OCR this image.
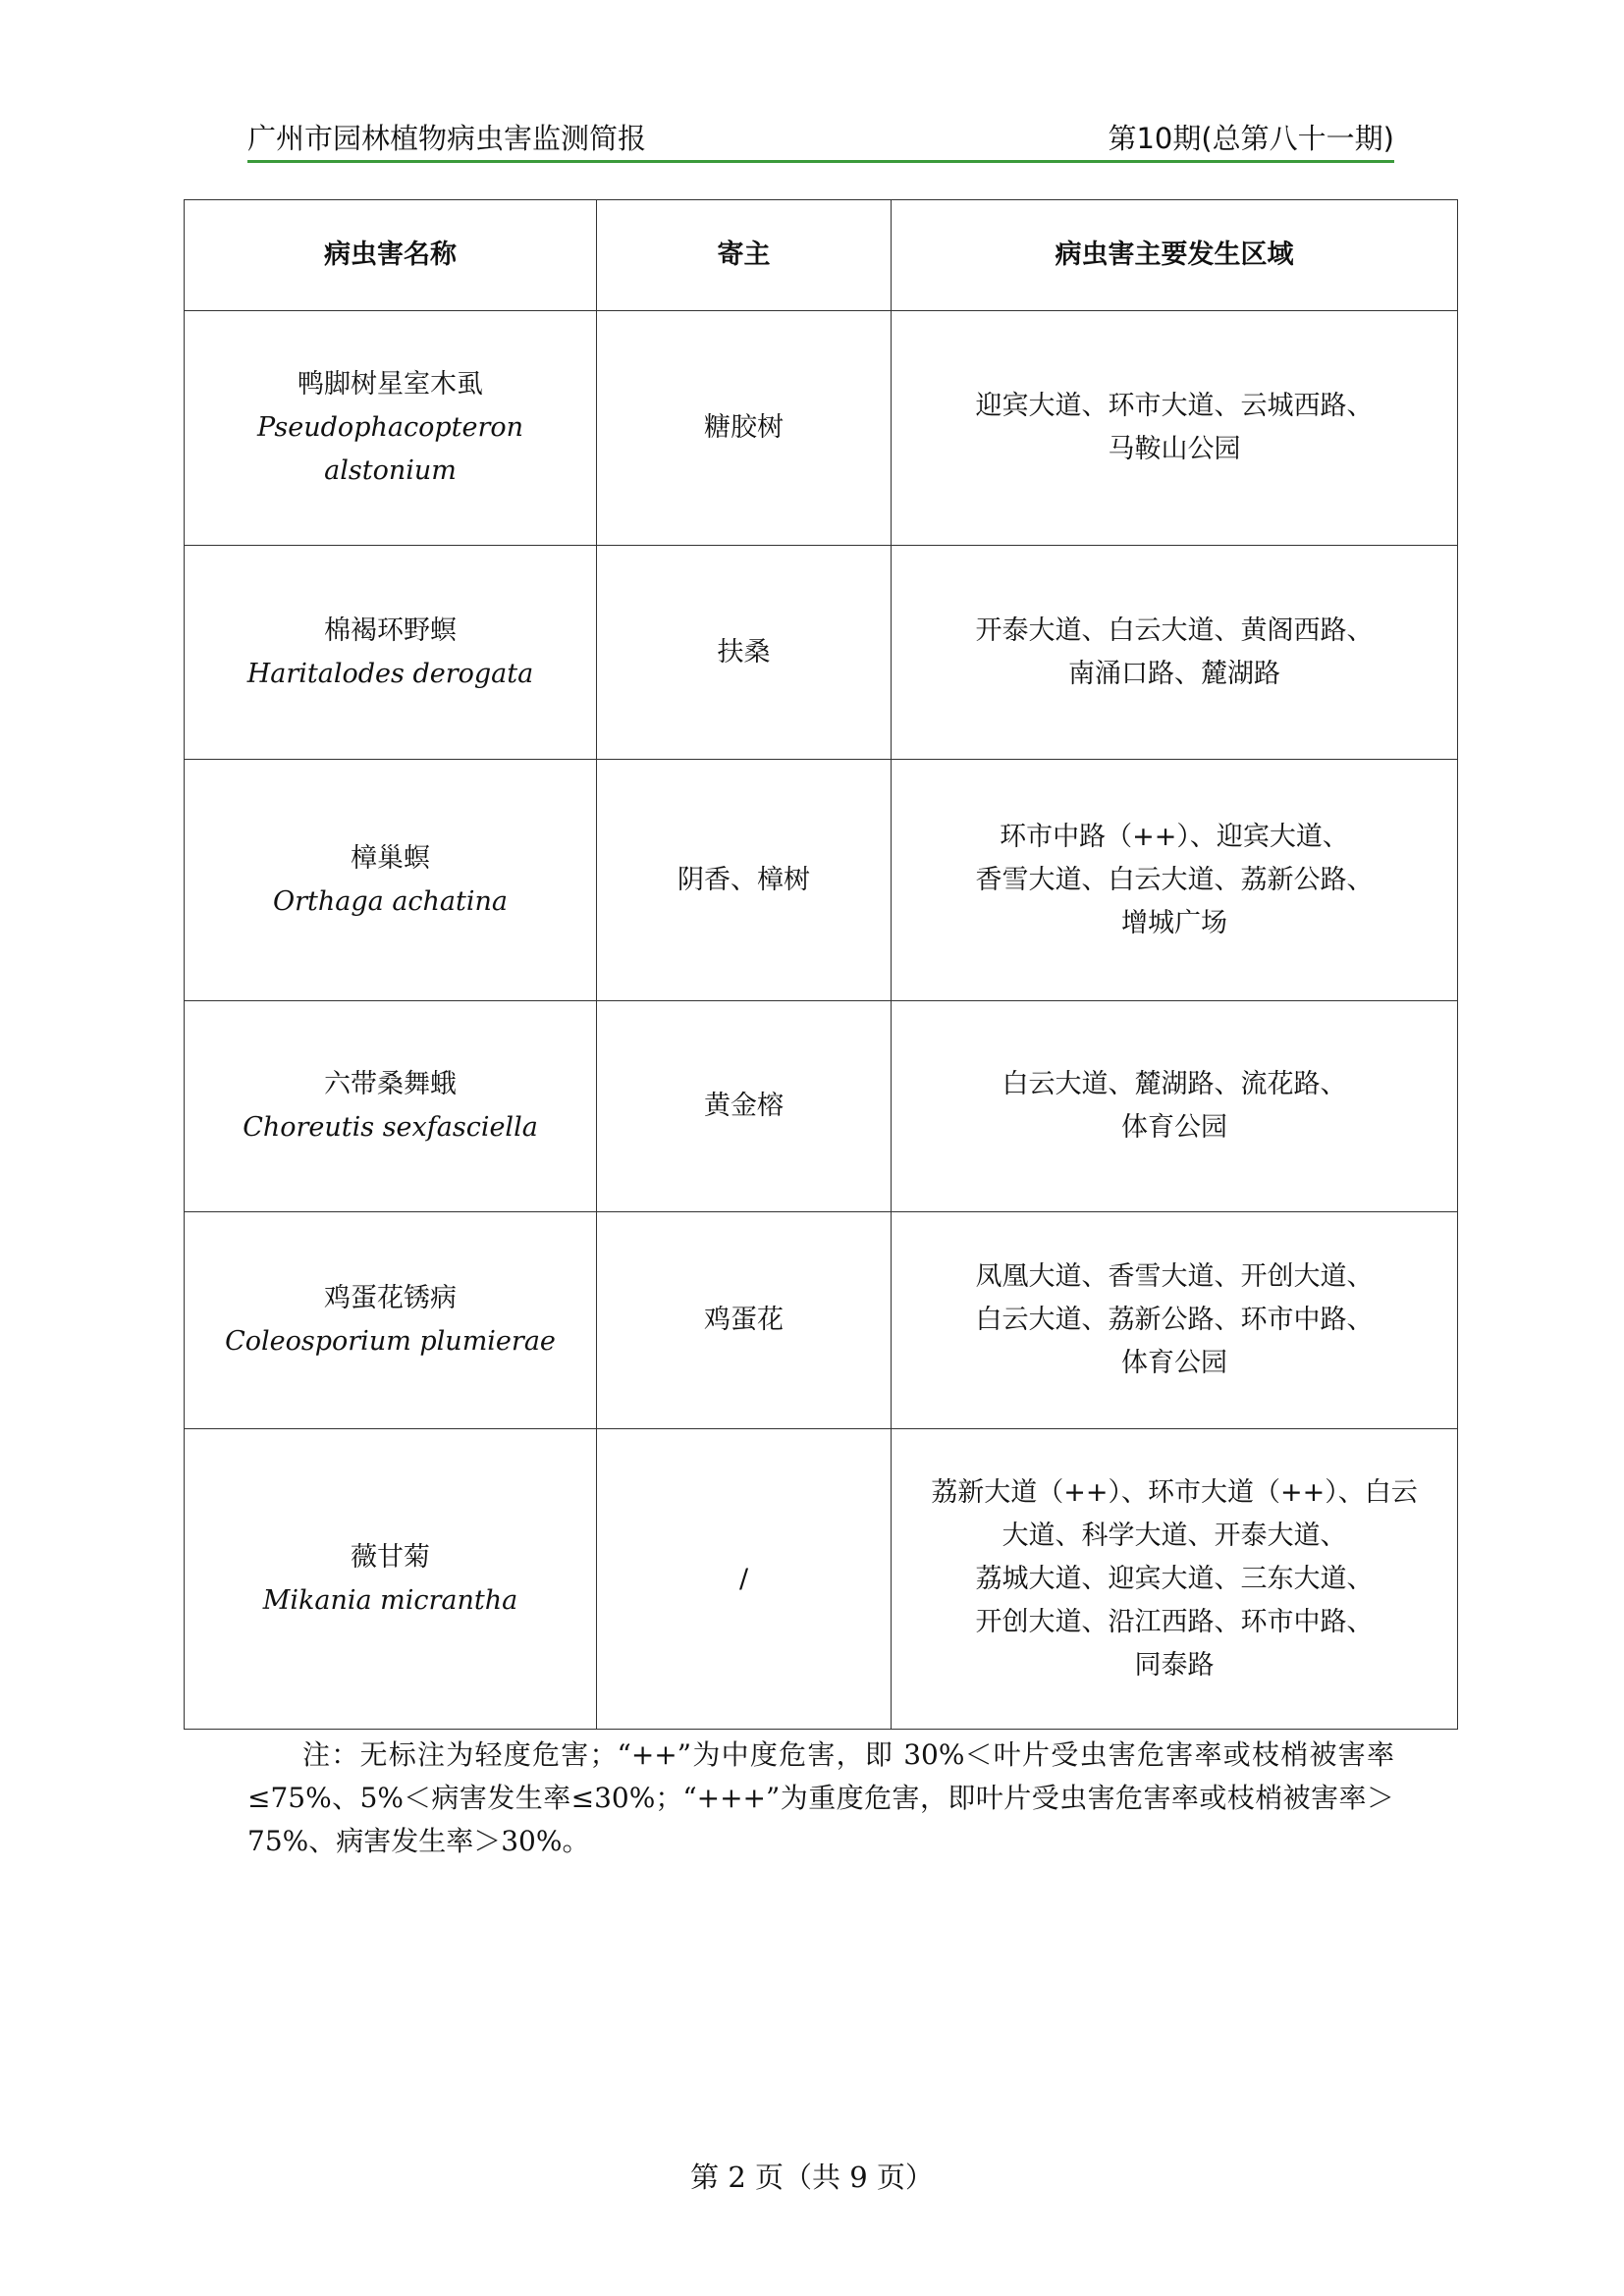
广州市园林植物病虫害监测简报	第10期(总第八十一期)
病虫害名称	寄主	病虫害主要发生区域

鸭脚树星室木虱
Pseudophacopteron alstonium	糖胶树	迎宾大道、环市大道、云城西路、
马鞍山公园

棉褐环野螟
Haritalodes derogata	扶桑	开泰大道、白云大道、黄阁西路、
南涌口路、麓湖路

樟巢螟
Orthaga achatina	阴香、樟树	环市中路（++）、迎宾大道、
香雪大道、白云大道、荔新公路、
增城广场

六带桑舞蛾
Choreutis sexfasciella	黄金榕	白云大道、麓湖路、流花路、
体育公园

鸡蛋花锈病
Coleosporium plumierae	鸡蛋花	凤凰大道、香雪大道、开创大道、
白云大道、荔新公路、环市中路、
体育公园

薇甘菊
Mikania micrantha	/	荔新大道（++）、环市大道（++）、白云
大道、科学大道、开泰大道、
荔城大道、迎宾大道、三东大道、
开创大道、沿江西路、环市中路、
同泰路
注：无标注为轻度危害；“++”为中度危害，即 30%＜叶片受虫害危害率或枝梢被害率≤75%、5%＜病害发生率≤30%；“+++”为重度危害，即叶片受虫害危害率或枝梢被害率＞75%、病害发生率＞30%。
第 2 页（共 9 页）
